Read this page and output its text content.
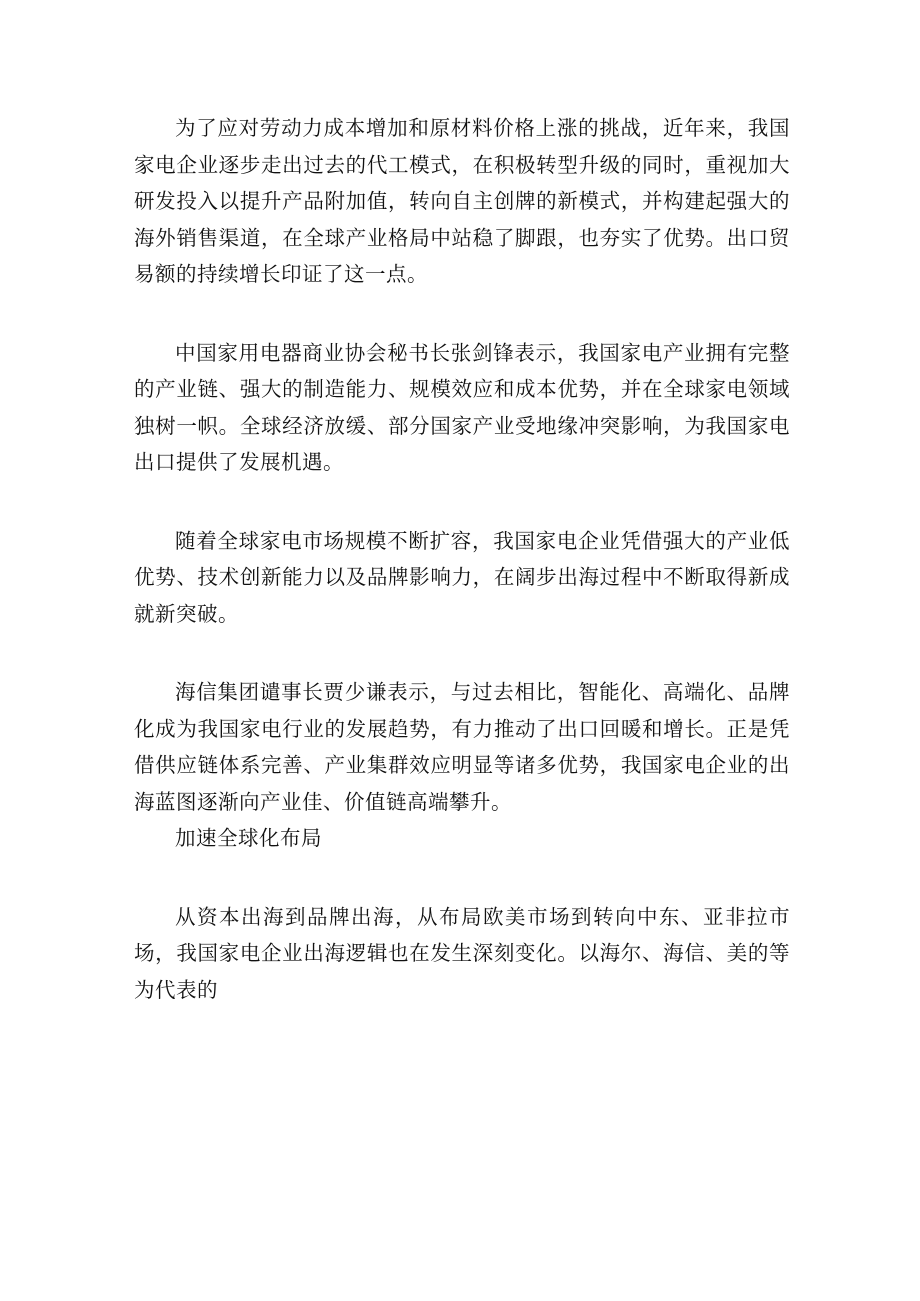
为了应对劳动力成本增加和原材料价格上涨的挑战，近年来，我国家电企业逐步走出过去的代工模式，在积极转型升级的同时，重视加大研发投入以提升产品附加值，转向自主创牌的新模式，并构建起强大的海外销售渠道，在全球产业格局中站稳了脚跟，也夯实了优势。出口贸易额的持续增长印证了这一点。

中国家用电器商业协会秘书长张剑锋表示，我国家电产业拥有完整的产业链、强大的制造能力、规模效应和成本优势，并在全球家电领域独树一帜。全球经济放缓、部分国家产业受地缘冲突影响，为我国家电出口提供了发展机遇。

随着全球家电市场规模不断扩容，我国家电企业凭借强大的产业低优势、技术创新能力以及品牌影响力，在阔步出海过程中不断取得新成就新突破。

海信集团谴事长贾少谦表示，与过去相比，智能化、高端化、品牌化成为我国家电行业的发展趋势，有力推动了出口回暖和增长。正是凭借供应链体系完善、产业集群效应明显等诸多优势，我国家电企业的出海蓝图逐渐向产业佳、价值链高端攀升。

加速全球化布局

从资本出海到品牌出海，从布局欧美市场到转向中东、亚非拉市场，我国家电企业出海逻辑也在发生深刻变化。以海尔、海信、美的等为代表的
